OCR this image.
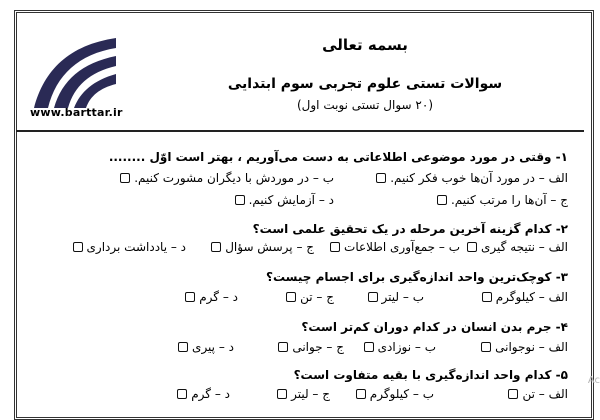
www.barttar.ir
بسمه تعالی
سوالات تستی علوم تجربی سوم ابتدایی
(۲۰ سوال تستی نوبت اول)
۱- وقتی در مورد موضوعی اطلاعاتی به دست می‌آوریم ، بهتر است اوّل ........
الف – در مورد آن‌ها خوب فکر کنیم.
ب – در موردش با دیگران مشورت کنیم.
ج – آن‌ها را مرتب کنیم.
د – آزمایش کنیم.
۲- کدام گزینه آخرین مرحله در یک تحقیق علمی است؟
الف – نتیجه گیری
ب – جمع‌آوری اطلاعات
ج – پرسش سؤال
د – یادداشت برداری
۳- کوچک‌ترین واحد اندازه‌گیری برای اجسام چیست؟
الف – کیلوگرم
ب – لیتر
ج – تن
د – گرم
۴- جرم بدن انسان در کدام دوران کم‌تر است؟
الف – نوجوانی
ب – نوزادی
ج – جوانی
د – پیری
۵- کدام واحد اندازه‌گیری با بقیه متفاوت است؟
الف – تن
ب – کیلوگرم
ج – لیتر
د – گرم
Ac
